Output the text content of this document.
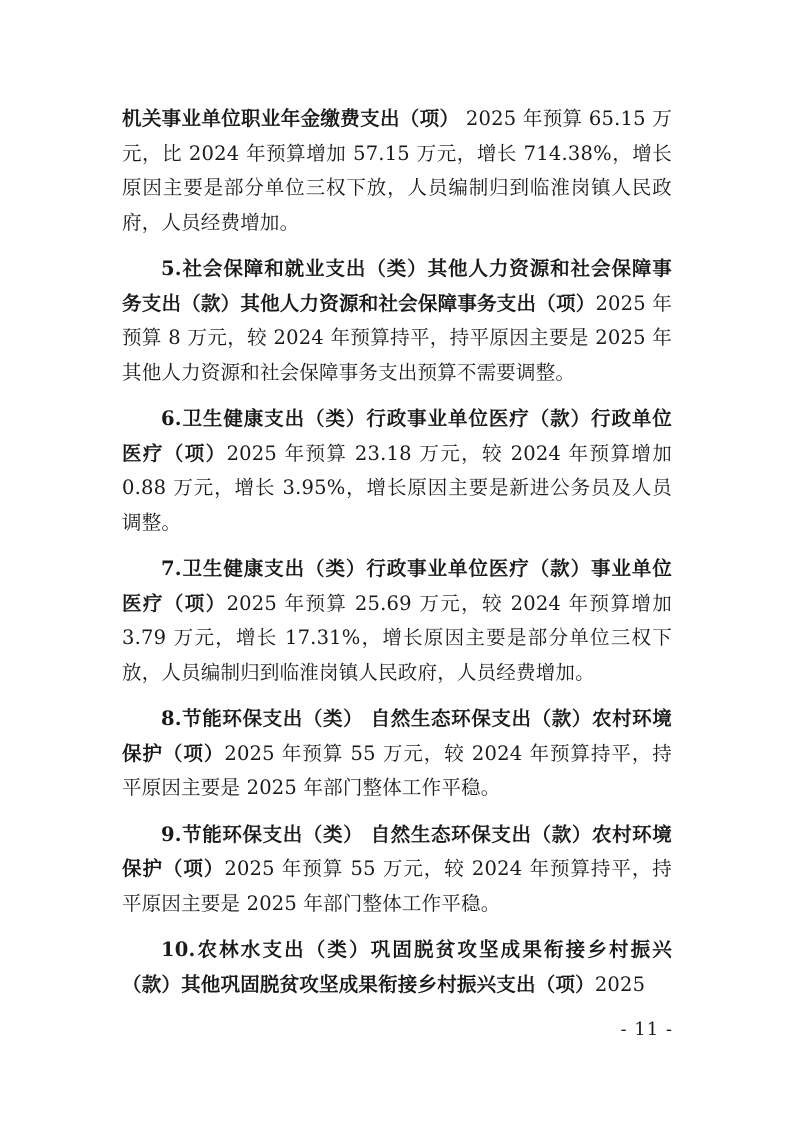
机关事业单位职业年金缴费支出（项） 2025 年预算 65.15 万元，比 2024 年预算增加 57.15 万元，增长 714.38%，增长原因主要是部分单位三权下放，人员编制归到临淮岗镇人民政府，人员经费增加。

5.社会保障和就业支出（类）其他人力资源和社会保障事务支出（款）其他人力资源和社会保障事务支出（项）2025 年预算 8 万元，较 2024 年预算持平，持平原因主要是 2025 年其他人力资源和社会保障事务支出预算不需要调整。

6.卫生健康支出（类）行政事业单位医疗（款）行政单位医疗（项）2025 年预算 23.18 万元，较 2024 年预算增加 0.88 万元，增长 3.95%，增长原因主要是新进公务员及人员调整。

7.卫生健康支出（类）行政事业单位医疗（款）事业单位医疗（项）2025 年预算 25.69 万元，较 2024 年预算增加 3.79 万元，增长 17.31%，增长原因主要是部分单位三权下放，人员编制归到临淮岗镇人民政府，人员经费增加。

8.节能环保支出（类） 自然生态环保支出（款）农村环境保护（项）2025 年预算 55 万元，较 2024 年预算持平，持平原因主要是 2025 年部门整体工作平稳。

9.节能环保支出（类） 自然生态环保支出（款）农村环境保护（项）2025 年预算 55 万元，较 2024 年预算持平，持平原因主要是 2025 年部门整体工作平稳。

10.农林水支出（类）巩固脱贫攻坚成果衔接乡村振兴（款）其他巩固脱贫攻坚成果衔接乡村振兴支出（项）2025

- 11 -
